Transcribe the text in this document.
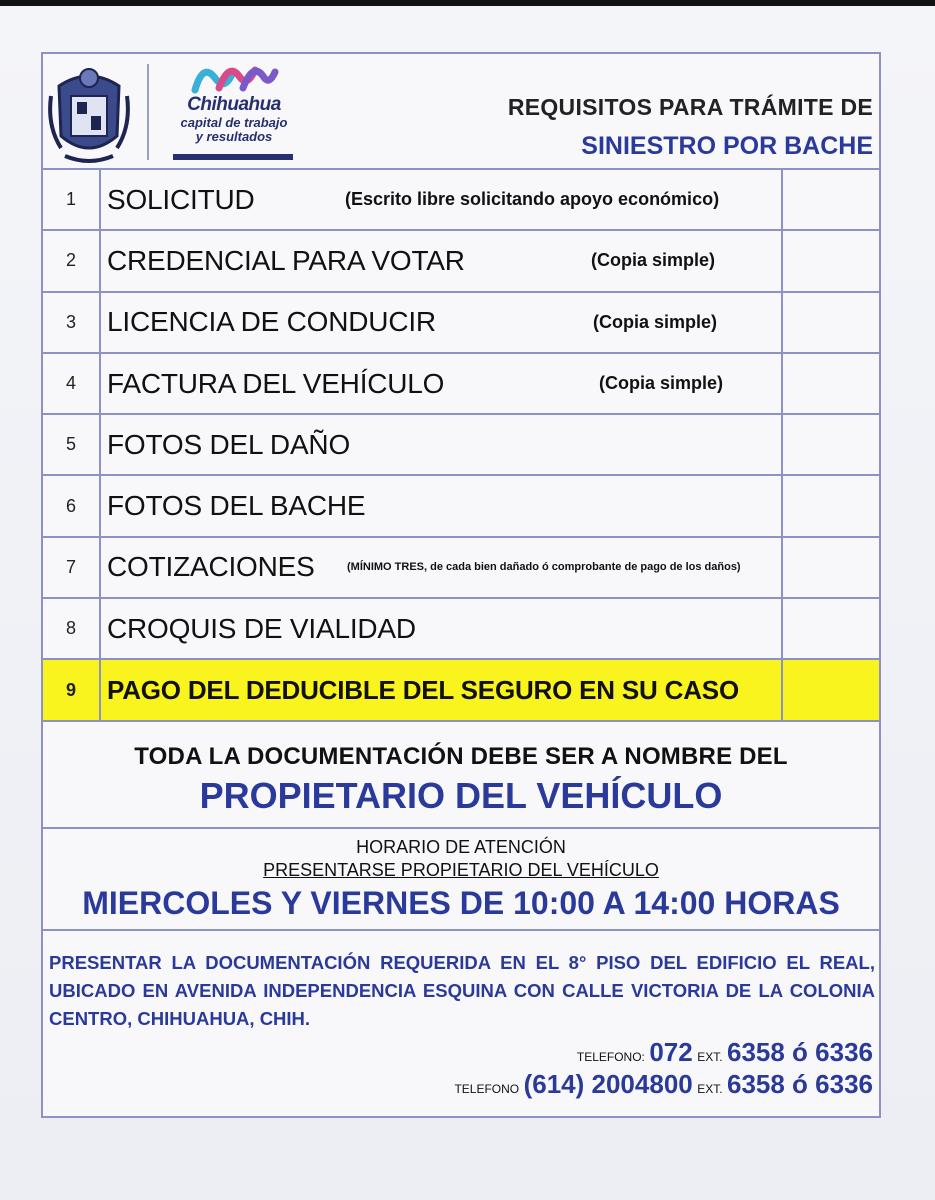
Chihuahua
capital de trabajo
y resultados
REQUISITOS PARA TRÁMITE DE
SINIESTRO POR BACHE
1	SOLICITUD	(Escrito libre solicitando apoyo económico)
2	CREDENCIAL PARA VOTAR	(Copia simple)
3	LICENCIA DE CONDUCIR	(Copia simple)
4	FACTURA DEL VEHÍCULO	(Copia simple)
5	FOTOS DEL DAÑO
6	FOTOS DEL BACHE
7	COTIZACIONES	(MÍNIMO TRES, de cada bien dañado ó comprobante de pago de los daños)
8	CROQUIS DE VIALIDAD
9	PAGO DEL DEDUCIBLE DEL SEGURO EN SU CASO
TODA LA DOCUMENTACIÓN DEBE SER A NOMBRE DEL
PROPIETARIO DEL VEHÍCULO
HORARIO DE ATENCIÓN
PRESENTARSE PROPIETARIO DEL VEHÍCULO
MIERCOLES Y VIERNES DE 10:00 A 14:00 HORAS
PRESENTAR LA DOCUMENTACIÓN REQUERIDA EN EL 8° PISO DEL EDIFICIO EL REAL, UBICADO EN AVENIDA INDEPENDENCIA ESQUINA CON CALLE VICTORIA DE LA COLONIA CENTRO, CHIHUAHUA, CHIH.
TELEFONO: 072 EXT. 6358 ó 6336
TELEFONO (614) 2004800 EXT. 6358 ó 6336
